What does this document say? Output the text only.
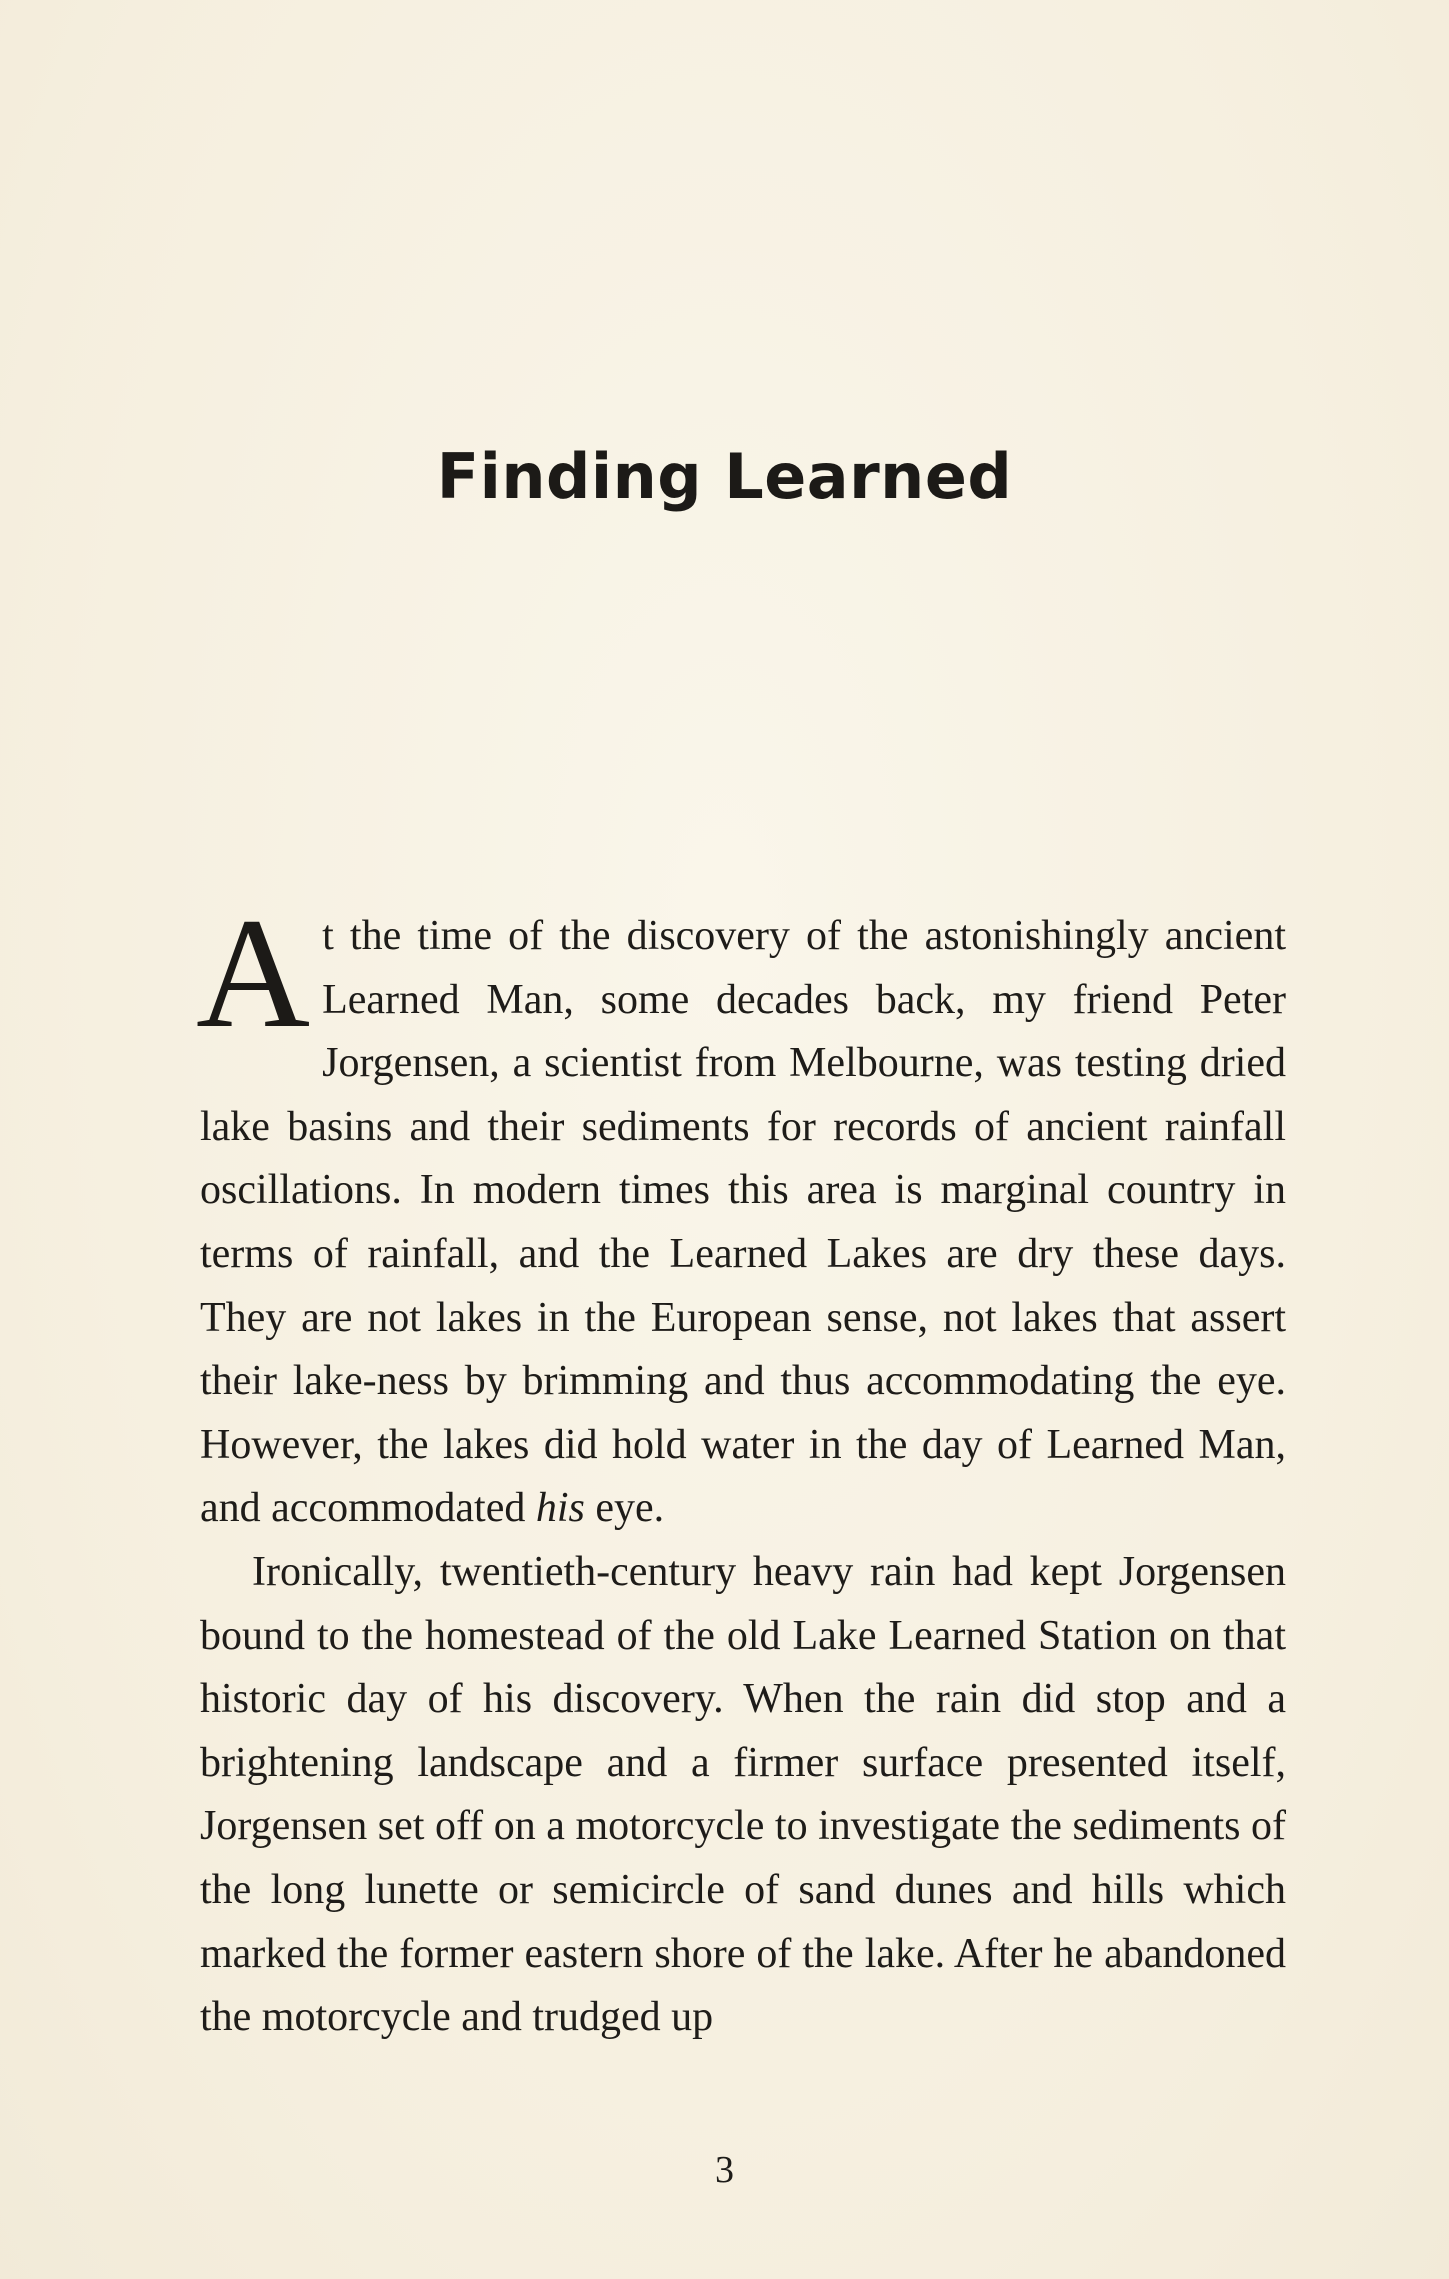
Finding Learned

At the time of the discovery of the astonishingly ancient Learned Man, some decades back, my friend Peter Jorgensen, a scientist from Melbourne, was testing dried lake basins and their sediments for records of ancient rainfall oscillations. In modern times this area is marginal country in terms of rainfall, and the Learned Lakes are dry these days. They are not lakes in the European sense, not lakes that assert their lake-ness by brimming and thus accommodating the eye. However, the lakes did hold water in the day of Learned Man, and accommodated his eye.

Ironically, twentieth-century heavy rain had kept Jorgensen bound to the homestead of the old Lake Learned Station on that historic day of his discovery. When the rain did stop and a brightening landscape and a firmer surface presented itself, Jorgensen set off on a motorcycle to investigate the sediments of the long lunette or semicircle of sand dunes and hills which marked the former eastern shore of the lake. After he abandoned the motorcycle and trudged up

3
